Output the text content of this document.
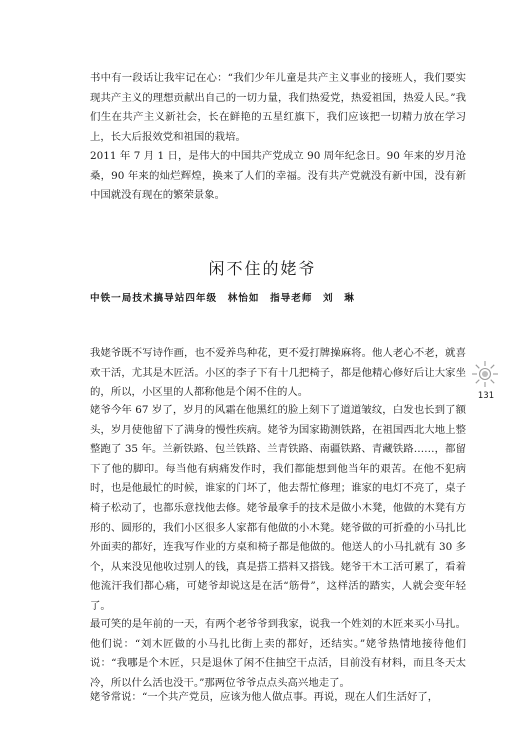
书中有一段话让我牢记在心：“我们少年儿童是共产主义事业的接班人，我们要实现共产主义的理想贡献出自己的一切力量，我们热爱党，热爱祖国，热爱人民。”我们生在共产主义新社会，长在鲜艳的五星红旗下，我们应该把一切精力放在学习上，长大后报效党和祖国的栽培。

2011 年 7 月 1 日，是伟大的中国共产党成立 90 周年纪念日。90 年来的岁月沧桑，90 年来的灿烂辉煌，换来了人们的幸福。没有共产党就没有新中国，没有新中国就没有现在的繁荣景象。

闲不住的姥爷
中铁一局技术搞导站四年级　林怡如　指导老师　刘　琳

我姥爷既不写诗作画，也不爱养鸟种花，更不爱打牌操麻将。他人老心不老，就喜欢干活，尤其是木匠活。小区的李子下有十几把椅子，都是他精心修好后让大家坐的，所以，小区里的人都称他是个闲不住的人。

姥爷今年 67 岁了，岁月的风霜在他黑红的脸上刻下了道道皱纹，白发也长到了额头，岁月使他留下了满身的慢性疾病。姥爷为国家勘测铁路，在祖国西北大地上整整跑了 35 年。兰新铁路、包兰铁路、兰青铁路、南疆铁路、青藏铁路……，都留下了他的脚印。每当他有病痛发作时，我们都能想到他当年的艰苦。在他不犯病时，也是他最忙的时候，谁家的门坏了，他去帮忙修理；谁家的电灯不亮了，桌子椅子松动了，也都乐意找他去修。姥爷最拿手的技术是做小木凳，他做的木凳有方形的、圆形的，我们小区很多人家都有他做的小木凳。姥爷做的可折叠的小马扎比外面卖的都好，连我写作业的方桌和椅子都是他做的。他送人的小马扎就有 30 多个，从来没见他收过别人的钱，真是搭工搭料又搭钱。姥爷干木工活可累了，看着他流汗我们都心痛，可姥爷却说这是在活“筋骨”，这样活的踏实，人就会变年轻了。

最可笑的是年前的一天，有两个老爷爷到我家，说我一个姓刘的木匠来买小马扎。他们说：“刘木匠做的小马扎比街上卖的都好，还结实。”姥爷热情地接待他们说：“我哪是个木匠，只是退休了闲不住抽空干点活，目前没有材料，而且冬天太冷，所以什么活也没干。”那两位爷爷点点头高兴地走了。

姥爷常说：“一个共产党员，应该为他人做点事。再说，现在人们生活好了，

131
